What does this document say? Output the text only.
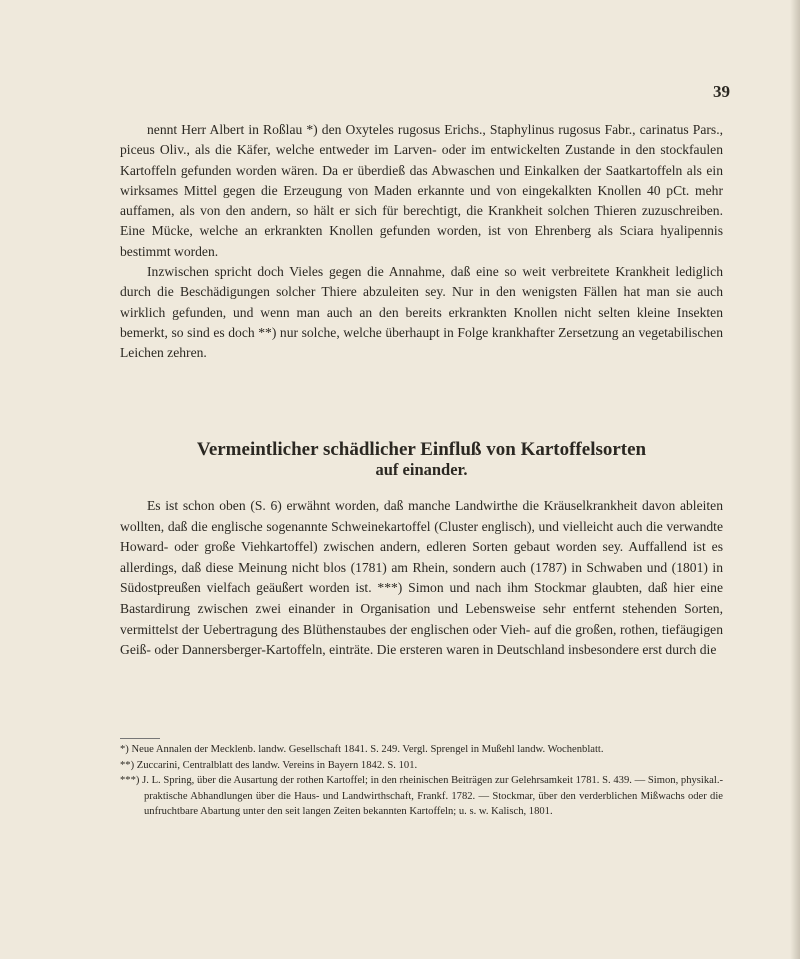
39

nennt Herr Albert in Roßlau *) den Oxyteles rugosus Erichs., Staphylinus rugosus Fabr., carinatus Pars., piceus Oliv., als die Käfer, welche entweder im Larven- oder im entwickelten Zustande in den stockfaulen Kartoffeln gefunden worden wären. Da er überdieß das Abwaschen und Einkalken der Saatkartoffeln als ein wirksames Mittel gegen die Erzeugung von Maden erkannte und von eingekalkten Knollen 40 pCt. mehr auffamen, als von den andern, so hält er sich für berechtigt, die Krankheit solchen Thieren zuzuschreiben. Eine Mücke, welche an erkrankten Knollen gefunden worden, ist von Ehrenberg als Sciara hyalipennis bestimmt worden.

Inzwischen spricht doch Vieles gegen die Annahme, daß eine so weit verbreitete Krankheit lediglich durch die Beschädigungen solcher Thiere abzuleiten sey. Nur in den wenigsten Fällen hat man sie auch wirklich gefunden, und wenn man auch an den bereits erkrankten Knollen nicht selten kleine Insekten bemerkt, so sind es doch **) nur solche, welche überhaupt in Folge krankhafter Zersetzung an vegetabilischen Leichen zehren.

Vermeintlicher schädlicher Einfluß von Kartoffelsorten
auf einander.

Es ist schon oben (S. 6) erwähnt worden, daß manche Landwirthe die Kräuselkrankheit davon ableiten wollten, daß die englische sogenannte Schweinekartoffel (Cluster englisch), und vielleicht auch die verwandte Howard- oder große Viehkartoffel) zwischen andern, edleren Sorten gebaut worden sey. Auffallend ist es allerdings, daß diese Meinung nicht blos (1781) am Rhein, sondern auch (1787) in Schwaben und (1801) in Südostpreußen vielfach geäußert worden ist. ***) Simon und nach ihm Stockmar glaubten, daß hier eine Bastardirung zwischen zwei einander in Organisation und Lebensweise sehr entfernt stehenden Sorten, vermittelst der Uebertragung des Blüthenstaubes der englischen oder Vieh- auf die großen, rothen, tiefäugigen Geiß- oder Dannersberger-Kartoffeln, einträte. Die ersteren waren in Deutschland insbesondere erst durch die

*) Neue Annalen der Mecklenb. landw. Gesellschaft 1841. S. 249. Vergl. Sprengel in Mußehl landw. Wochenblatt.

**) Zuccarini, Centralblatt des landw. Vereins in Bayern 1842. S. 101.

***) J. L. Spring, über die Ausartung der rothen Kartoffel; in den rheinischen Beiträgen zur Gelehrsamkeit 1781. S. 439. — Simon, physikal.-praktische Abhandlungen über die Haus- und Landwirthschaft, Frankf. 1782. — Stockmar, über den verderblichen Mißwachs oder die unfruchtbare Abartung unter den seit langen Zeiten bekannten Kartoffeln; u. s. w. Kalisch, 1801.
